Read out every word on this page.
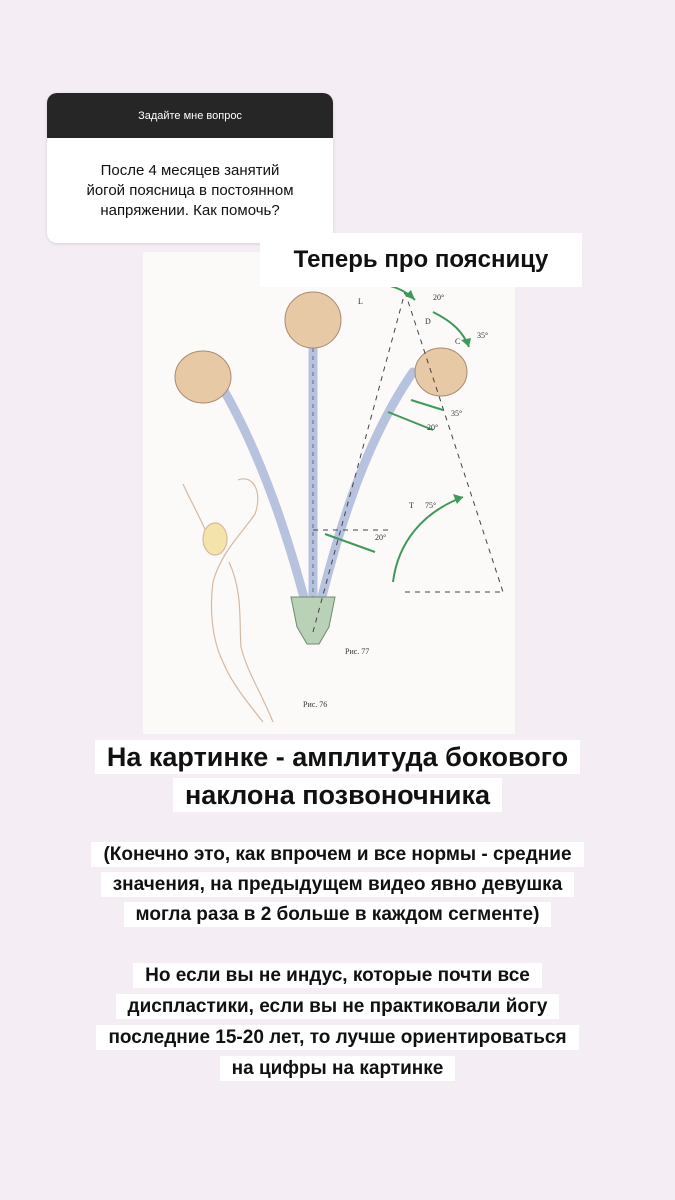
Задайте мне вопрос
После 4 месяцев занятий
йогой поясница в постоянном
напряжении. Как помочь?
L
D
C
T
20°
35°
35°
20°
75°
20°
Рис. 77
Рис. 76
Теперь про поясницу
На картинке - амплитуда бокового
наклона позвоночника
(Конечно это, как впрочем и все нормы - средние
значения, на предыдущем видео явно девушка
могла раза в 2 больше в каждом сегменте)
Но если вы не индус, которые почти все
диспластики, если вы не практиковали йогу
последние 15-20 лет, то лучше ориентироваться
на цифры на картинке
